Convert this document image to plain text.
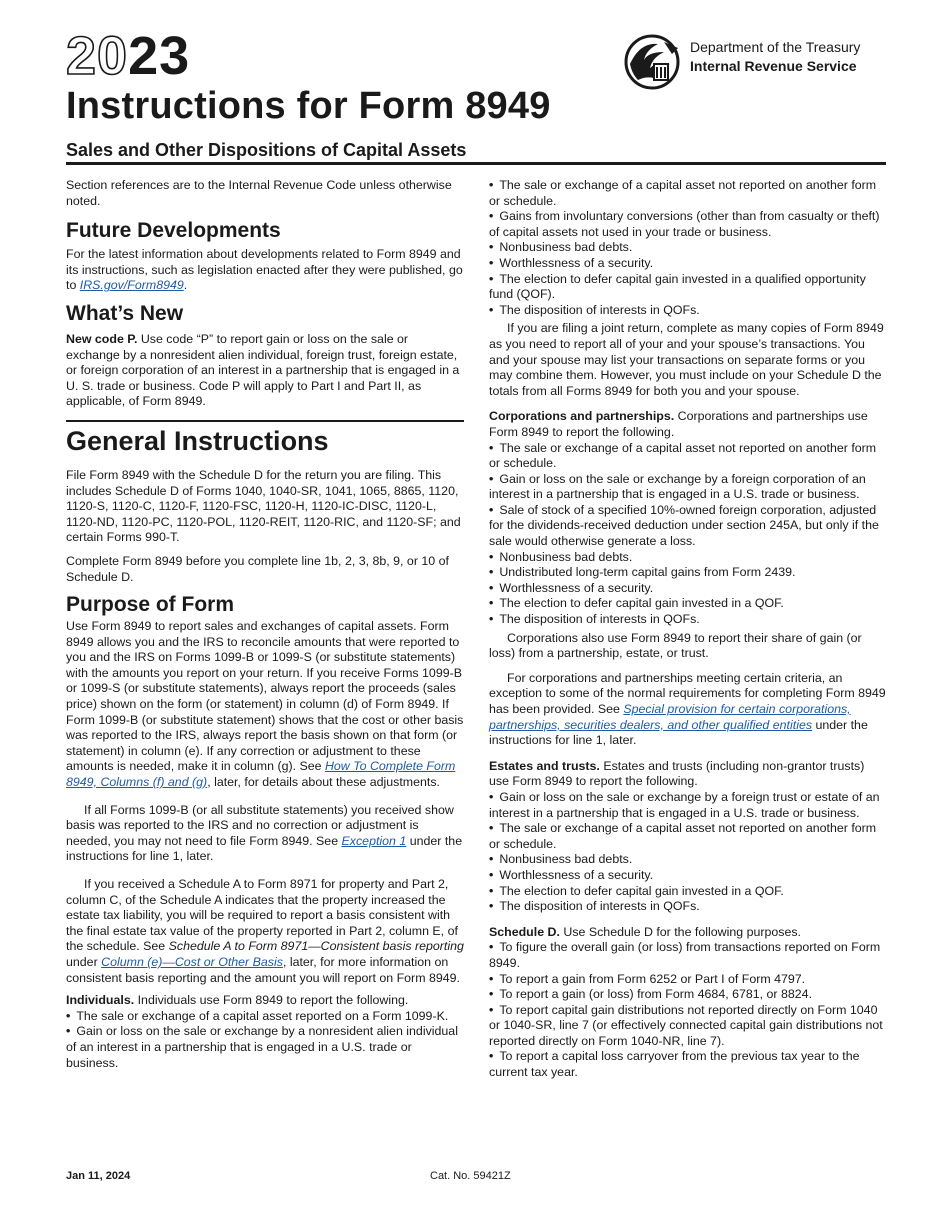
2023	Department of the Treasury
Internal Revenue Service
Instructions for Form 8949
Sales and Other Dispositions of Capital Assets

Section references are to the Internal Revenue Code unless otherwise noted.

Future Developments

For the latest information about developments related to Form 8949 and its instructions, such as legislation enacted after they were published, go to IRS.gov/Form8949.

What’s New

New code P. Use code “P” to report gain or loss on the sale or exchange by a nonresident alien individual, foreign trust, foreign estate, or foreign corporation of an interest in a partnership that is engaged in a U. S. trade or business. Code P will apply to Part I and Part II, as applicable, of Form 8949.

General Instructions

File Form 8949 with the Schedule D for the return you are filing. This includes Schedule D of Forms 1040, 1040-SR, 1041, 1065, 8865, 1120, 1120-S, 1120-C, 1120-F, 1120-FSC, 1120-H, 1120-IC-DISC, 1120-L, 1120-ND, 1120-PC, 1120-POL, 1120-REIT, 1120-RIC, and 1120-SF; and certain Forms 990-T.

Complete Form 8949 before you complete line 1b, 2, 3, 8b, 9, or 10 of Schedule D.

Purpose of Form

Use Form 8949 to report sales and exchanges of capital assets. Form 8949 allows you and the IRS to reconcile amounts that were reported to you and the IRS on Forms 1099-B or 1099-S (or substitute statements) with the amounts you report on your return. If you receive Forms 1099-B or 1099-S (or substitute statements), always report the proceeds (sales price) shown on the form (or statement) in column (d) of Form 8949. If Form 1099-B (or substitute statement) shows that the cost or other basis was reported to the IRS, always report the basis shown on that form (or statement) in column (e). If any correction or adjustment to these amounts is needed, make it in column (g). See How To Complete Form 8949, Columns (f) and (g), later, for details about these adjustments.

If all Forms 1099-B (or all substitute statements) you received show basis was reported to the IRS and no correction or adjustment is needed, you may not need to file Form 8949. See Exception 1 under the instructions for line 1, later.

If you received a Schedule A to Form 8971 for property and Part 2, column C, of the Schedule A indicates that the property increased the estate tax liability, you will be required to report a basis consistent with the final estate tax value of the property reported in Part 2, column E, of the schedule. See Schedule A to Form 8971—Consistent basis reporting under Column (e)—Cost or Other Basis, later, for more information on consistent basis reporting and the amount you will report on Form 8949.

Individuals. Individuals use Form 8949 to report the following.

• The sale or exchange of a capital asset reported on a Form 1099-K.

• Gain or loss on the sale or exchange by a nonresident alien individual of an interest in a partnership that is engaged in a U.S. trade or business.

• The sale or exchange of a capital asset not reported on another form or schedule.

• Gains from involuntary conversions (other than from casualty or theft) of capital assets not used in your trade or business.

• Nonbusiness bad debts.

• Worthlessness of a security.

• The election to defer capital gain invested in a qualified opportunity fund (QOF).

• The disposition of interests in QOFs.

If you are filing a joint return, complete as many copies of Form 8949 as you need to report all of your and your spouse’s transactions. You and your spouse may list your transactions on separate forms or you may combine them. However, you must include on your Schedule D the totals from all Forms 8949 for both you and your spouse.

Corporations and partnerships. Corporations and partnerships use Form 8949 to report the following.

• The sale or exchange of a capital asset not reported on another form or schedule.

• Gain or loss on the sale or exchange by a foreign corporation of an interest in a partnership that is engaged in a U.S. trade or business.

• Sale of stock of a specified 10%-owned foreign corporation, adjusted for the dividends-received deduction under section 245A, but only if the sale would otherwise generate a loss.

• Nonbusiness bad debts.

• Undistributed long-term capital gains from Form 2439.

• Worthlessness of a security.

• The election to defer capital gain invested in a QOF.

• The disposition of interests in QOFs.

Corporations also use Form 8949 to report their share of gain (or loss) from a partnership, estate, or trust.

For corporations and partnerships meeting certain criteria, an exception to some of the normal requirements for completing Form 8949 has been provided. See Special provision for certain corporations, partnerships, securities dealers, and other qualified entities under the instructions for line 1, later.

Estates and trusts. Estates and trusts (including non-grantor trusts) use Form 8949 to report the following.

• Gain or loss on the sale or exchange by a foreign trust or estate of an interest in a partnership that is engaged in a U.S. trade or business.

• The sale or exchange of a capital asset not reported on another form or schedule.

• Nonbusiness bad debts.

• Worthlessness of a security.

• The election to defer capital gain invested in a QOF.

• The disposition of interests in QOFs.

Schedule D. Use Schedule D for the following purposes.

• To figure the overall gain (or loss) from transactions reported on Form 8949.

• To report a gain from Form 6252 or Part I of Form 4797.

• To report a gain (or loss) from Form 4684, 6781, or 8824.

• To report capital gain distributions not reported directly on Form 1040 or 1040-SR, line 7 (or effectively connected capital gain distributions not reported directly on Form 1040-NR, line 7).

• To report a capital loss carryover from the previous tax year to the current tax year.

Jan 11, 2024	Cat. No. 59421Z
